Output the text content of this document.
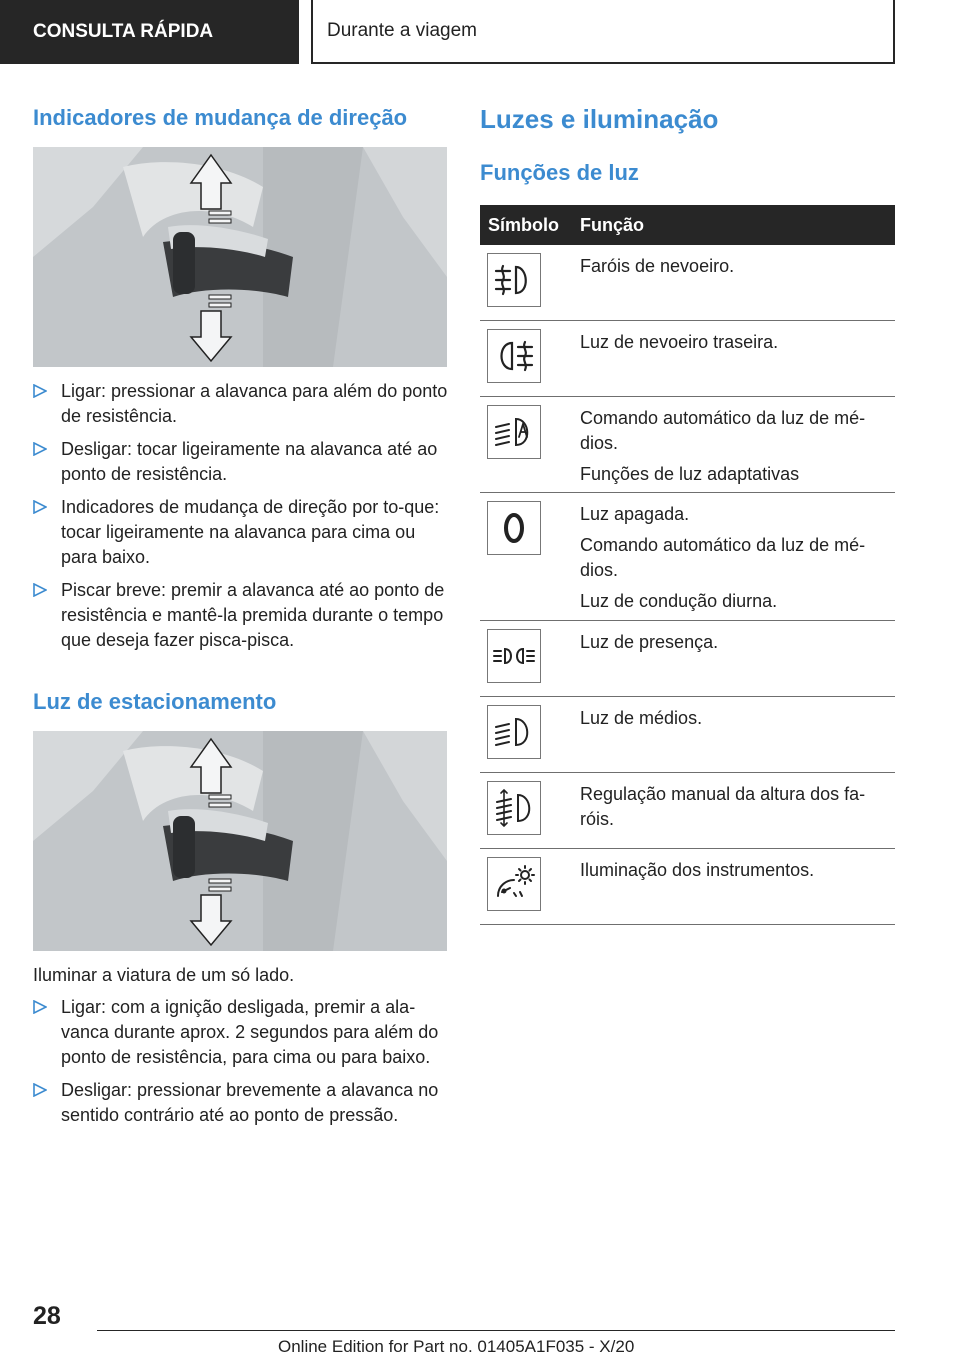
CONSULTA RÁPIDA	Durante a viagem
Indicadores de mudança de direção
Ligar: pressionar a alavanca para além do ponto de resistência.
Desligar: tocar ligeiramente na alavanca até ao ponto de resistência.
Indicadores de mudança de direção por to-que: tocar ligeiramente na alavanca para cima ou para baixo.
Piscar breve: premir a alavanca até ao ponto de resistência e mantê-la premida durante o tempo que deseja fazer pisca-pisca.
Luz de estacionamento
Iluminar a viatura de um só lado.
Ligar: com a ignição desligada, premir a ala-vanca durante aprox. 2 segundos para além do ponto de resistência, para cima ou para baixo.
Desligar: pressionar brevemente a alavanca no sentido contrário até ao ponto de pressão.
Luzes e iluminação
Funções de luz
Símbolo	Função

Faróis de nevoeiro.

Luz de nevoeiro traseira.

Comando automático da luz de mé-dios.

Funções de luz adaptativas

Luz apagada.

Comando automático da luz de mé-dios.

Luz de condução diurna.

Luz de presença.

Luz de médios.

Regulação manual da altura dos fa-róis.

Iluminação dos instrumentos.

28
Online Edition for Part no. 01405A1F035 - X/20
